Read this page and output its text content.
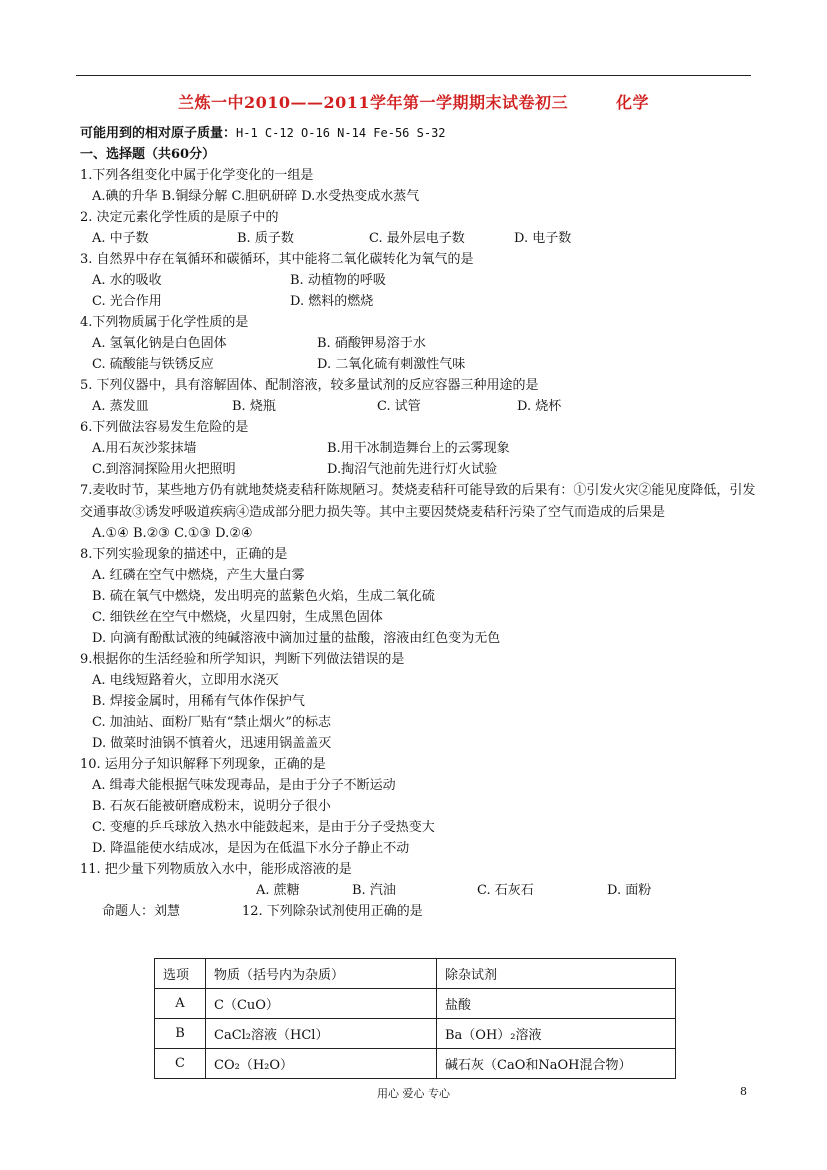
兰炼一中2010——2011学年第一学期期末试卷初三	化学
可能用到的相对原子质量：H-1 C-12 O-16 N-14 Fe-56 S-32
一、选择题（共60分）
1.下列各组变化中属于化学变化的一组是
A.碘的升华 B.铜绿分解 C.胆矾研碎 D.水受热变成水蒸气
2. 决定元素化学性质的是原子中的
A. 中子数	B. 质子数	C. 最外层电子数	D. 电子数
3. 自然界中存在氧循环和碳循环，其中能将二氧化碳转化为氧气的是
A. 水的吸收	B. 动植物的呼吸
C. 光合作用	D. 燃料的燃烧
4.下列物质属于化学性质的是
A. 氢氧化钠是白色固体	B. 硝酸钾易溶于水
C. 硫酸能与铁锈反应	D. 二氧化硫有刺激性气味
5. 下列仪器中，具有溶解固体、配制溶液，较多量试剂的反应容器三种用途的是
A. 蒸发皿	B. 烧瓶	C. 试管	D. 烧杯
6.下列做法容易发生危险的是
A.用石灰沙浆抹墙	B.用干冰制造舞台上的云雾现象
C.到溶洞探险用火把照明	D.掏沼气池前先进行灯火试验
7.麦收时节，某些地方仍有就地焚烧麦秸秆陈规陋习。焚烧麦秸秆可能导致的后果有：①引发火灾②能见度降低，引发交通事故③诱发呼吸道疾病④造成部分肥力损失等。其中主要因焚烧麦秸秆污染了空气而造成的后果是
A.①④ B.②③ C.①③ D.②④
8.下列实验现象的描述中，正确的是
A. 红磷在空气中燃烧，产生大量白雾
B. 硫在氧气中燃烧，发出明亮的蓝紫色火焰，生成二氧化硫
C. 细铁丝在空气中燃烧，火星四射，生成黑色固体
D. 向滴有酚酞试液的纯碱溶液中滴加过量的盐酸，溶液由红色变为无色
9.根据你的生活经验和所学知识，判断下列做法错误的是
A. 电线短路着火，立即用水浇灭
B. 焊接金属时，用稀有气体作保护气
C. 加油站、面粉厂贴有“禁止烟火”的标志
D. 做菜时油锅不慎着火，迅速用锅盖盖灭
10. 运用分子知识解释下列现象，正确的是
A. 缉毒犬能根据气味发现毒品，是由于分子不断运动
B. 石灰石能被研磨成粉末，说明分子很小
C. 变瘪的乒乓球放入热水中能鼓起来，是由于分子受热变大
D. 降温能使水结成冰，是因为在低温下水分子静止不动
11. 把少量下列物质放入水中，能形成溶液的是
A. 蔗糖	B. 汽油	C. 石灰石	D. 面粉
命题人：刘慧	12. 下列除杂试剂使用正确的是
选项	物质（括号内为杂质）	除杂试剂
A	C（CuO）	盐酸
B	CaCl₂溶液（HCl）	Ba（OH）₂溶液
C	CO₂（H₂O）	碱石灰（CaO和NaOH混合物）
用心 爱心 专心	8
